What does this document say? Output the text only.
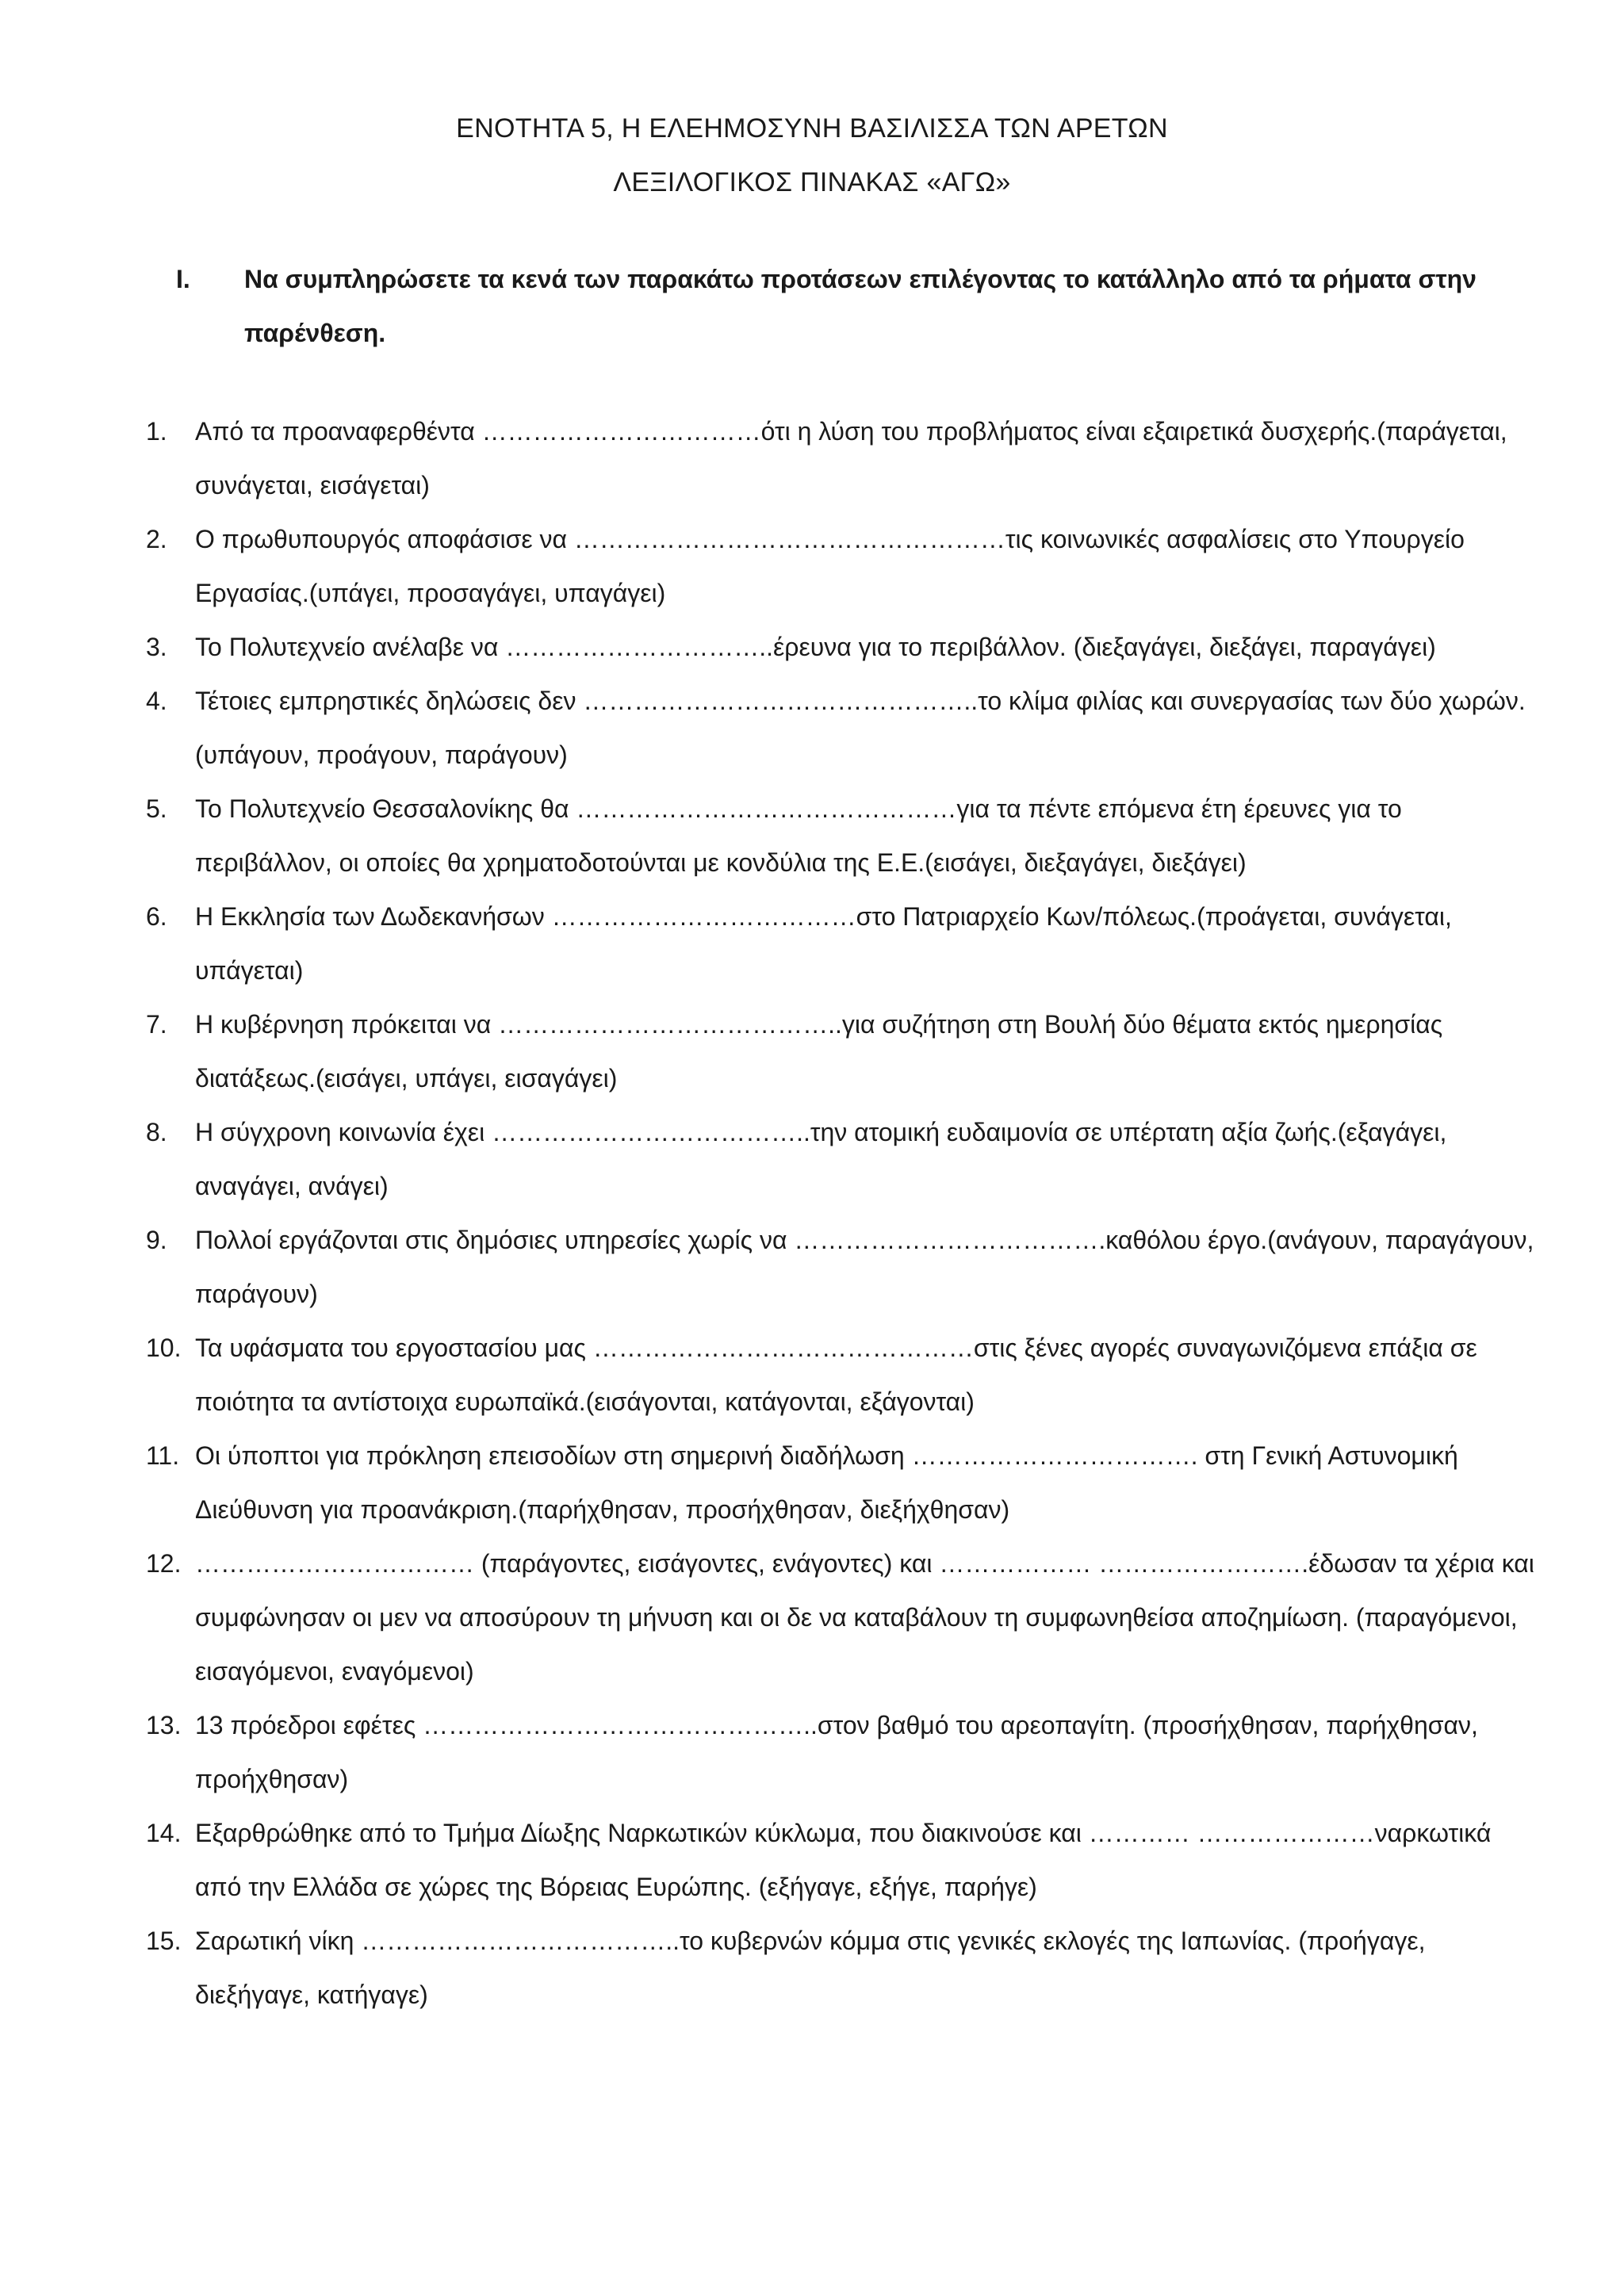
ΕΝΟΤΗΤΑ 5, Η ΕΛΕΗΜΟΣΥΝΗ ΒΑΣΙΛΙΣΣΑ ΤΩΝ ΑΡΕΤΩΝ
ΛΕΞΙΛΟΓΙΚΟΣ ΠΙΝΑΚΑΣ «ΑΓΩ»
I. Να συμπληρώσετε τα κενά των παρακάτω προτάσεων επιλέγοντας το κατάλληλο από τα ρήματα στην παρένθεση.
1. Από τα προαναφερθέντα ……………………………ότι η λύση του προβλήματος είναι εξαιρετικά δυσχερής.(παράγεται, συνάγεται, εισάγεται)
2. Ο πρωθυπουργός αποφάσισε να ……………………………………………τις κοινωνικές ασφαλίσεις στο Υπουργείο Εργασίας.(υπάγει, προσαγάγει, υπαγάγει)
3. Το Πολυτεχνείο ανέλαβε να …………………………..έρευνα για το περιβάλλον. (διεξαγάγει, διεξάγει, παραγάγει)
4. Τέτοιες εμπρηστικές δηλώσεις δεν ………………………………………..το κλίμα φιλίας και συνεργασίας των δύο χωρών.(υπάγουν, προάγουν, παράγουν)
5. Το Πολυτεχνείο Θεσσαλονίκης θα ………………………………………για τα πέντε επόμενα έτη έρευνες για το περιβάλλον, οι οποίες θα χρηματοδοτούνται με κονδύλια της Ε.Ε.(εισάγει, διεξαγάγει, διεξάγει)
6. Η Εκκλησία των Δωδεκανήσων ………………………………στο Πατριαρχείο Κων/πόλεως.(προάγεται, συνάγεται, υπάγεται)
7. Η κυβέρνηση πρόκειται να …………………………………..για συζήτηση στη Βουλή δύο θέματα εκτός ημερησίας διατάξεως.(εισάγει, υπάγει, εισαγάγει)
8. Η σύγχρονη κοινωνία έχει ………………………………..την ατομική ευδαιμονία σε υπέρτατη αξία ζωής.(εξαγάγει, αναγάγει, ανάγει)
9. Πολλοί εργάζονται στις δημόσιες υπηρεσίες χωρίς να ……………………………….καθόλου έργο.(ανάγουν, παραγάγουν, παράγουν)
10. Τα υφάσματα του εργοστασίου μας ………………………………………στις ξένες αγορές συναγωνιζόμενα επάξια σε ποιότητα τα αντίστοιχα ευρωπαϊκά.(εισάγονται, κατάγονται, εξάγονται)
11. Οι ύποπτοι για πρόκληση επεισοδίων στη σημερινή διαδήλωση ……………………………. στη Γενική Αστυνομική Διεύθυνση για προανάκριση.(παρήχθησαν, προσήχθησαν, διεξήχθησαν)
12. …………………………… (παράγοντες, εισάγοντες, ενάγοντες) και ……………… …………………….έδωσαν τα χέρια και συμφώνησαν οι μεν να αποσύρουν τη μήνυση και οι δε να καταβάλουν τη συμφωνηθείσα αποζημίωση. (παραγόμενοι, εισαγόμενοι, εναγόμενοι)
13. 13 πρόεδροι εφέτες ………………………………………..στον βαθμό του αρεοπαγίτη. (προσήχθησαν, παρήχθησαν, προήχθησαν)
14. Εξαρθρώθηκε από το Τμήμα Δίωξης Ναρκωτικών κύκλωμα, που διακινούσε και ………… …………………ναρκωτικά από την Ελλάδα σε χώρες της Βόρειας Ευρώπης. (εξήγαγε, εξήγε, παρήγε)
15. Σαρωτική νίκη ………………………………..το κυβερνών κόμμα στις γενικές εκλογές της Ιαπωνίας. (προήγαγε, διεξήγαγε, κατήγαγε)
